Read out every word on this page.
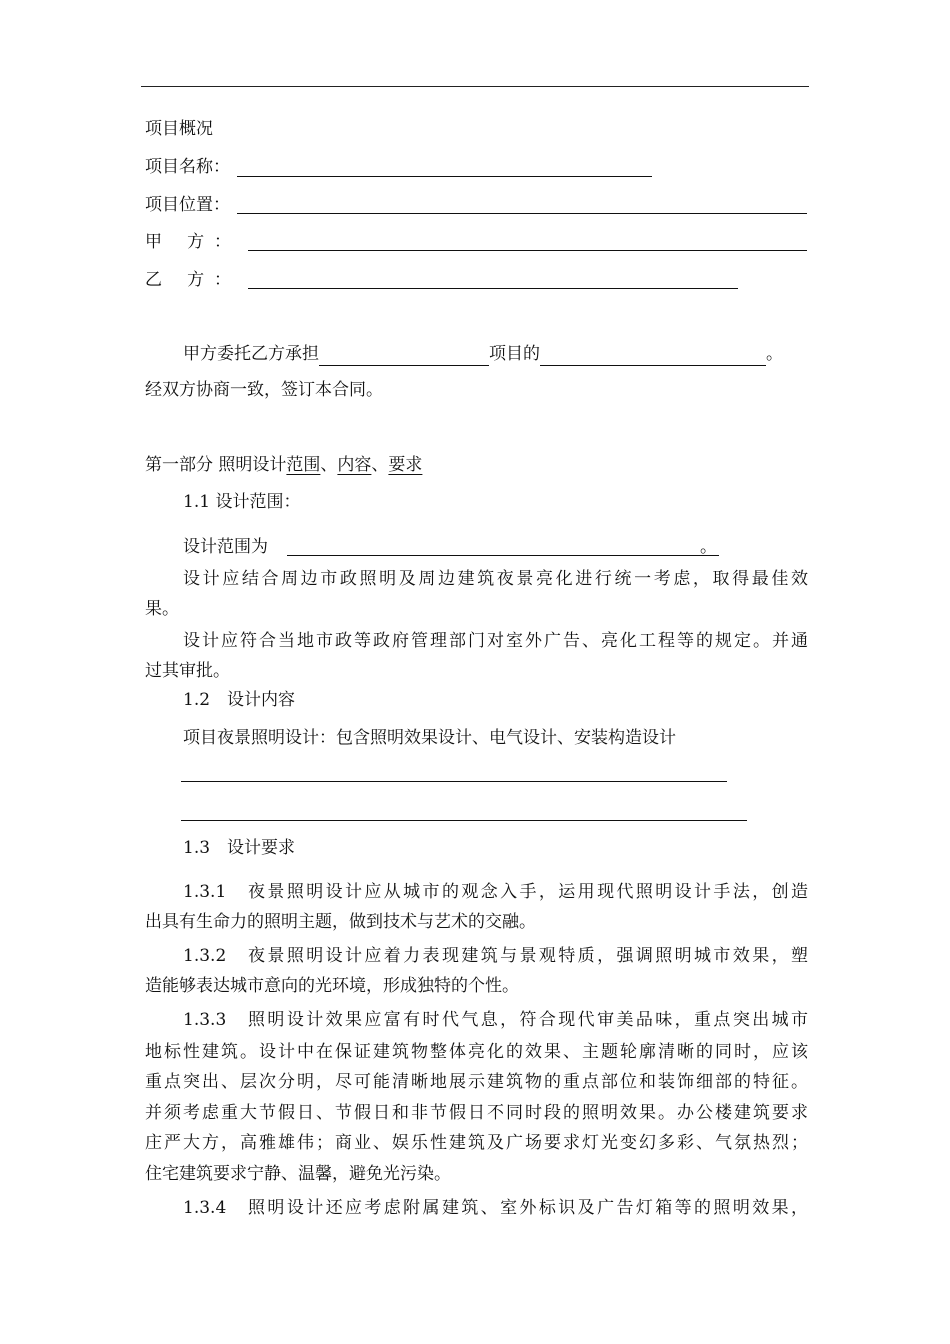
项目概况
项目名称：
项目位置：
甲 方：
乙 方：
甲方委托乙方承担	项目的	。
经双方协商一致，签订本合同。
第一部分 照明设计范围、内容、要求
1.1 设计范围：
设计范围为	。
设计应结合周边市政照明及周边建筑夜景亮化进行统一考虑，取得最佳效
果。
设计应符合当地市政等政府管理部门对室外广告、亮化工程等的规定。并通
过其审批。
1.2　设计内容
项目夜景照明设计：包含照明效果设计、电气设计、安装构造设计
1.3　设计要求
1.3.1　夜景照明设计应从城市的观念入手，运用现代照明设计手法，创造
出具有生命力的照明主题，做到技术与艺术的交融。
1.3.2　夜景照明设计应着力表现建筑与景观特质，强调照明城市效果，塑
造能够表达城市意向的光环境，形成独特的个性。
1.3.3　照明设计效果应富有时代气息，符合现代审美品味，重点突出城市
地标性建筑。设计中在保证建筑物整体亮化的效果、主题轮廓清晰的同时，应该
重点突出、层次分明，尽可能清晰地展示建筑物的重点部位和装饰细部的特征。
并须考虑重大节假日、节假日和非节假日不同时段的照明效果。办公楼建筑要求
庄严大方，高雅雄伟；商业、娱乐性建筑及广场要求灯光变幻多彩、气氛热烈；
住宅建筑要求宁静、温馨，避免光污染。
1.3.4　照明设计还应考虑附属建筑、室外标识及广告灯箱等的照明效果，
